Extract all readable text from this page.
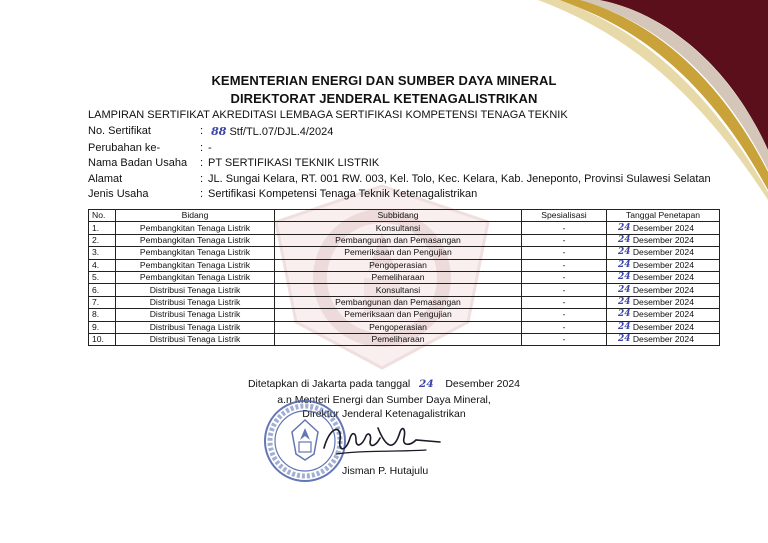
KEMENTERIAN ENERGI DAN SUMBER DAYA MINERAL
DIREKTORAT JENDERAL KETENAGALISTRIKAN
LAMPIRAN SERTIFIKAT AKREDITASI LEMBAGA SERTIFIKASI KOMPETENSI TENAGA TEKNIK
No. Sertifikat	: 88 Stf/TL.07/DJL.4/2024
Perubahan ke-	: -
Nama Badan Usaha	: PT SERTIFIKASI TEKNIK LISTRIK
Alamat	: JL. Sungai Kelara, RT. 001 RW. 003, Kel. Tolo, Kec. Kelara, Kab. Jeneponto, Provinsi Sulawesi Selatan
Jenis Usaha	: Sertifikasi Kompetensi Tenaga Teknik Ketenagalistrikan
No.	Bidang	Subbidang	Spesialisasi	Tanggal Penetapan
1.	Pembangkitan Tenaga Listrik	Konsultansi	-	24 Desember 2024

2.	Pembangkitan Tenaga Listrik	Pembangunan dan Pemasangan	-	24 Desember 2024

3.	Pembangkitan Tenaga Listrik	Pemeriksaan dan Pengujian	-	24 Desember 2024

4.	Pembangkitan Tenaga Listrik	Pengoperasian	-	24 Desember 2024

5.	Pembangkitan Tenaga Listrik	Pemeliharaan	-	24 Desember 2024

6.	Distribusi Tenaga Listrik	Konsultansi	-	24 Desember 2024

7.	Distribusi Tenaga Listrik	Pembangunan dan Pemasangan	-	24 Desember 2024

8.	Distribusi Tenaga Listrik	Pemeriksaan dan Pengujian	-	24 Desember 2024

9.	Distribusi Tenaga Listrik	Pengoperasian	-	24 Desember 2024

10.	Distribusi Tenaga Listrik	Pemeliharaan	-	24 Desember 2024
Ditetapkan di Jakarta pada tanggal 24 Desember 2024
a.n Menteri Energi dan Sumber Daya Mineral,
Direktur Jenderal Ketenagalistrikan
Jisman P. Hutajulu
